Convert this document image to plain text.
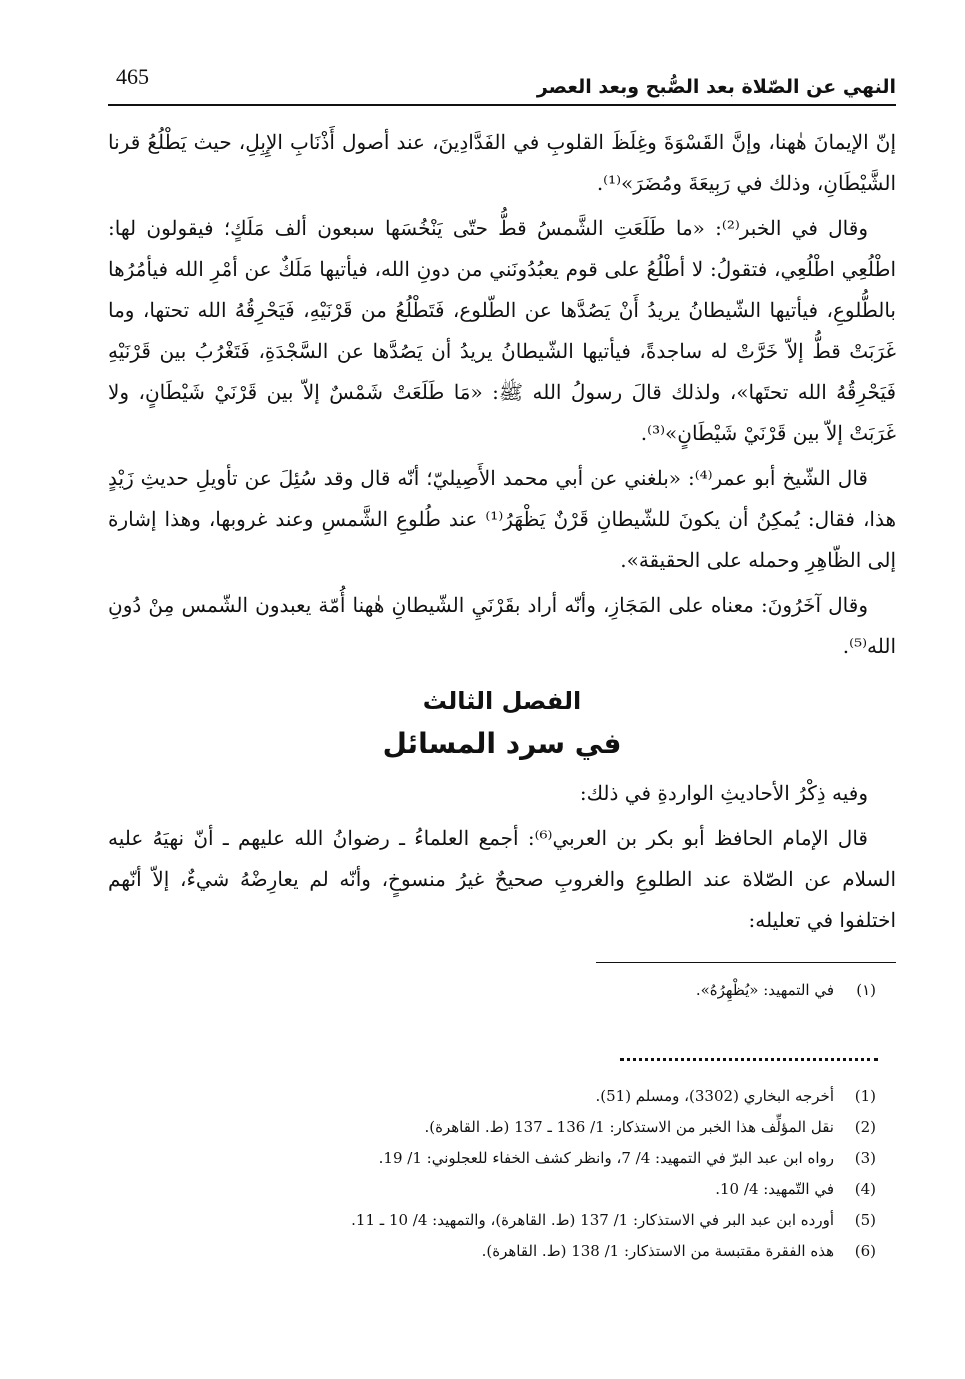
465	النهي عن الصّلاة بعد الصُّبح وبعد العصر

إنّ الإيمانَ هٰهنا، وإنَّ القَسْوَةَ وغِلَظَ القلوبِ في الفَدَّادِينَ، عند أصول أَذْنَابِ الإِبِلِ، حيث يَطْلُعُ قرنا الشَّيْطَانِ، وذلك في رَبِيعَةَ ومُضَرَ»⁽¹⁾.

وقال في الخبر⁽²⁾: «ما طَلَعَتِ الشَّمسُ قطُّ حتّى يَنْخُسَها سبعون ألف مَلَكٍ؛ فيقولون لها: اطْلُعِي اطْلُعِي، فتقولُ: لا أطْلُعُ على قوم يعبُدُونَني من دونِ الله، فيأتيها مَلَكٌ عن أمْرِ الله فيأمُرُها بالطُّلوعِ، فيأتيها الشّيطانُ يريدُ أَنْ يَصُدَّها عن الطّلوع، فَتَطْلُعُ من قَرْنَيْهِ، فَيَحْرِقُهُ الله تحتها، وما غَرَبَتْ قطُّ إلاّ خَرَّتْ له ساجدةً، فيأتيها الشّيطانُ يريدُ أن يَصُدَّها عن السَّجْدَةِ، فَتَغْرُبُ بين قَرْنَيْهِ فَيَحْرِقُهُ الله تحتَها»، ولذلك قالَ رسولُ الله ﷺ: «مَا طَلَعَتْ شَمْسٌ إلاّ بين قَرْنَيْ شَيْطَانٍ، ولا غَرَبَتْ إلاّ بين قَرْنَيْ شَيْطَانٍ»⁽³⁾.

قال الشّيخ أبو عمر⁽⁴⁾: «بلغني عن أبي محمد الأَصِيليّ؛ أنّه قال وقد سُئِلَ عن تأويلِ حديثِ زَيْدٍ هذا، فقال: يُمكِنُ أن يكونَ للشّيطانِ قَرْنٌ يَظْهَرُ⁽¹⁾ عند طُلوعِ الشَّمسِ وعند غروبها، وهذا إشارة إلى الظّاهِرِ وحمله على الحقيقة».

وقال آخَرُونَ: معناه على المَجَازِ، وأنّه أراد بقَرْنَيِ الشّيطانِ هٰهنا أُمّة يعبدون الشّمس مِنْ دُونِ الله⁽⁵⁾.

الفصل الثالث
في سرد المسائل

وفيه ذِكْرُ الأحاديثِ الواردةِ في ذلك:

قال الإمام الحافظ أبو بكر بن العربي⁽⁶⁾: أجمع العلماءُ ـ رضوانُ الله عليهم ـ أنّ نهيَهُ عليه السلام عن الصّلاة عند الطلوعِ والغروبِ صحيحٌ غيرُ منسوخٍ، وأنّه لم يعارِضْهُ شيءٌ، إلاّ أنّهم اختلفوا في تعليله:

(١)
في التمهيد: «يُظْهِرُهُ».
(1)
أخرجه البخاري (3302)، ومسلم (51).
(2)
نقل المؤلِّف هذا الخبر من الاستذكار: 1/ 136 ـ 137 (ط. القاهرة).
(3)
رواه ابن عبد البرّ في التمهيد: 4/ 7، وانظر كشف الخفاء للعجلوني: 1/ 19.
(4)
في التّمهيد: 4/ 10.
(5)
أورده ابن عبد البر في الاستذكار: 1/ 137 (ط. القاهرة)، والتمهيد: 4/ 10 ـ 11.
(6)
هذه الفقرة مقتبسة من الاستذكار: 1/ 138 (ط. القاهرة).
